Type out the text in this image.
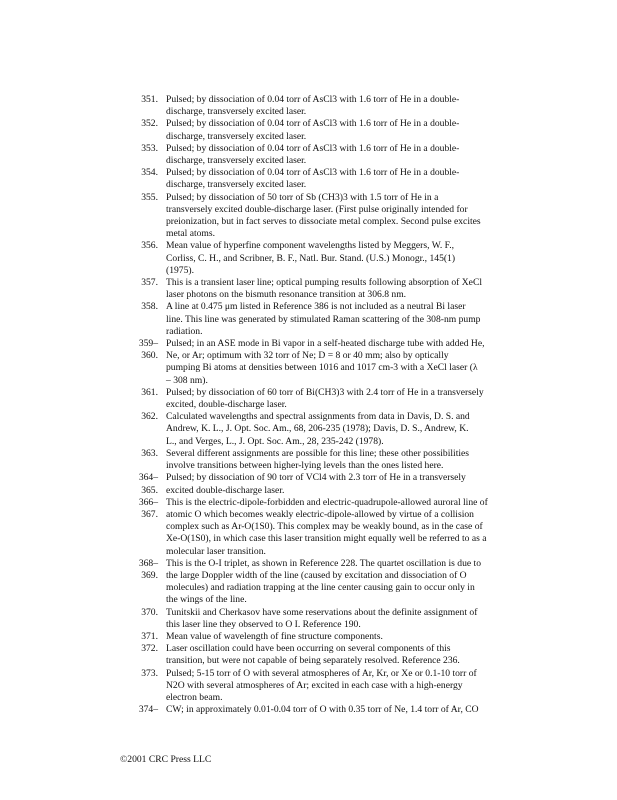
351. Pulsed; by dissociation of 0.04 torr of AsCl3 with 1.6 torr of He in a double-
discharge, transversely excited laser.
352. Pulsed; by dissociation of 0.04 torr of AsCl3 with 1.6 torr of He in a double-
discharge, transversely excited laser.
353. Pulsed; by dissociation of 0.04 torr of AsCl3 with 1.6 torr of He in a double-
discharge, transversely excited laser.
354. Pulsed; by dissociation of 0.04 torr of AsCl3 with 1.6 torr of He in a double-
discharge, transversely excited laser.
355. Pulsed; by dissociation of 50 torr of Sb (CH3)3 with 1.5 torr of He in a
transversely excited double-discharge laser. (First pulse originally intended for
preionization, but in fact serves to dissociate metal complex. Second pulse excites
metal atoms.
356. Mean value of hyperfine component wavelengths listed by Meggers, W. F.,
Corliss, C. H., and Scribner, B. F., Natl. Bur. Stand. (U.S.) Monogr., 145(1)
(1975).
357. This is a transient laser line; optical pumping results following absorption of XeCl
laser photons on the bismuth resonance transition at 306.8 nm.
358. A line at 0.475 μm listed in Reference 386 is not included as a neutral Bi laser
line. This line was generated by stimulated Raman scattering of the 308-nm pump
radiation.
359–
360.
Pulsed; in an ASE mode in Bi vapor in a self-heated discharge tube with added He,
Ne, or Ar; optimum with 32 torr of Ne; D = 8 or 40 mm; also by optically
pumping Bi atoms at densities between 1016 and 1017 cm-3 with a XeCl laser (λ
– 308 nm).
361. Pulsed; by dissociation of 60 torr of Bi(CH3)3 with 2.4 torr of He in a transversely
excited, double-discharge laser.
362. Calculated wavelengths and spectral assignments from data in Davis, D. S. and
Andrew, K. L., J. Opt. Soc. Am., 68, 206-235 (1978); Davis, D. S., Andrew, K.
L., and Verges, L., J. Opt. Soc. Am., 28, 235-242 (1978).
363. Several different assignments are possible for this line; these other possibilities
involve transitions between higher-lying levels than the ones listed here.
364–
365.
Pulsed; by dissociation of 90 torr of VCl4 with 2.3 torr of He in a transversely
excited double-discharge laser.
366–
367.
This is the electric-dipole-forbidden and electric-quadrupole-allowed auroral line of
atomic O which becomes weakly electric-dipole-allowed by virtue of a collision
complex such as Ar-O(1S0). This complex may be weakly bound, as in the case of
Xe-O(1S0), in which case this laser transition might equally well be referred to as a
molecular laser transition.
368–
369.
This is the O-I triplet, as shown in Reference 228. The quartet oscillation is due to
the large Doppler width of the line (caused by excitation and dissociation of O
molecules) and radiation trapping at the line center causing gain to occur only in
the wings of the line.
370. Tunitskii and Cherkasov have some reservations about the definite assignment of
this laser line they observed to O I. Reference 190.
371. Mean value of wavelength of fine structure components.
372. Laser oscillation could have been occurring on several components of this
transition, but were not capable of being separately resolved. Reference 236.
373. Pulsed; 5-15 torr of O with several atmospheres of Ar, Kr, or Xe or 0.1-10 torr of
N2O with several atmospheres of Ar; excited in each case with a high-energy
electron beam.
374– CW; in approximately 0.01-0.04 torr of O with 0.35 torr of Ne, 1.4 torr of Ar, CO
©2001 CRC Press LLC
